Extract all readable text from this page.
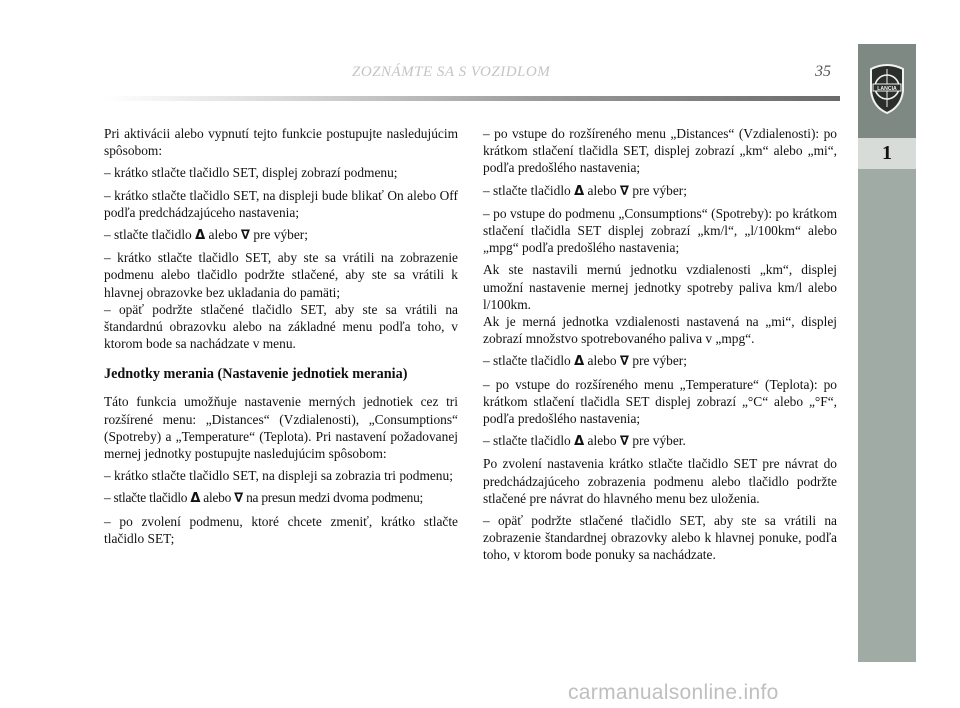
ZOZNÁMTE SA S VOZIDLOM	35
LANCIA
1

Pri aktivácii alebo vypnutí tejto funkcie postupujte nasledujúcim spôsobom:

– krátko stlačte tlačidlo SET, displej zobrazí podmenu;

– krátko stlačte tlačidlo SET, na displeji bude blikať On alebo Off podľa predchádzajúceho nastavenia;

– stlačte tlačidlo Δ alebo ∇ pre výber;

– krátko stlačte tlačidlo SET, aby ste sa vrátili na zobrazenie podmenu alebo tlačidlo podržte stlačené, aby ste sa vrátili k hlavnej obrazovke bez ukladania do pamäti;

– opäť podržte stlačené tlačidlo SET, aby ste sa vrátili na štandardnú obrazovku alebo na základné menu podľa toho, v ktorom bode sa nachádzate v menu.

Jednotky merania (Nastavenie jednotiek merania)

Táto funkcia umožňuje nastavenie merných jednotiek cez tri rozšírené menu: „Distances“ (Vzdialenosti), „Consumptions“ (Spotreby) a „Temperature“ (Teplota). Pri nastavení požadovanej mernej jednotky postupujte nasledujúcim spôsobom:

– krátko stlačte tlačidlo SET, na displeji sa zobrazia tri podmenu;

– stlačte tlačidlo Δ alebo ∇ na presun medzi dvoma podmenu;

– po zvolení podmenu, ktoré chcete zmeniť, krátko stlačte tlačidlo SET;

– po vstupe do rozšíreného menu „Distances“ (Vzdialenosti): po krátkom stlačení tlačidla SET, displej zobrazí „km“ alebo „mi“, podľa predošlého nastavenia;

– stlačte tlačidlo Δ alebo ∇ pre výber;

– po vstupe do podmenu „Consumptions“ (Spotreby): po krátkom stlačení tlačidla SET displej zobrazí „km/l“, „l/100km“ alebo „mpg“ podľa predošlého nastavenia;

Ak ste nastavili mernú jednotku vzdialenosti „km“, displej umožní nastavenie mernej jednotky spotreby paliva km/l alebo l/100km.

Ak je merná jednotka vzdialenosti nastavená na „mi“, displej zobrazí množstvo spotrebovaného paliva v „mpg“.

– stlačte tlačidlo Δ alebo ∇ pre výber;

– po vstupe do rozšíreného menu „Temperature“ (Teplota): po krátkom stlačení tlačidla SET displej zobrazí „°C“ alebo „°F“, podľa predošlého nastavenia;

– stlačte tlačidlo Δ alebo ∇ pre výber.

Po zvolení nastavenia krátko stlačte tlačidlo SET pre návrat do predchádzajúceho zobrazenia podmenu alebo tlačidlo podržte stlačené pre návrat do hlavného menu bez uloženia.

– opäť podržte stlačené tlačidlo SET, aby ste sa vrátili na zobrazenie štandardnej obrazovky alebo k hlavnej ponuke, podľa toho, v ktorom bode ponuky sa nachádzate.

carmanualsonline.info
